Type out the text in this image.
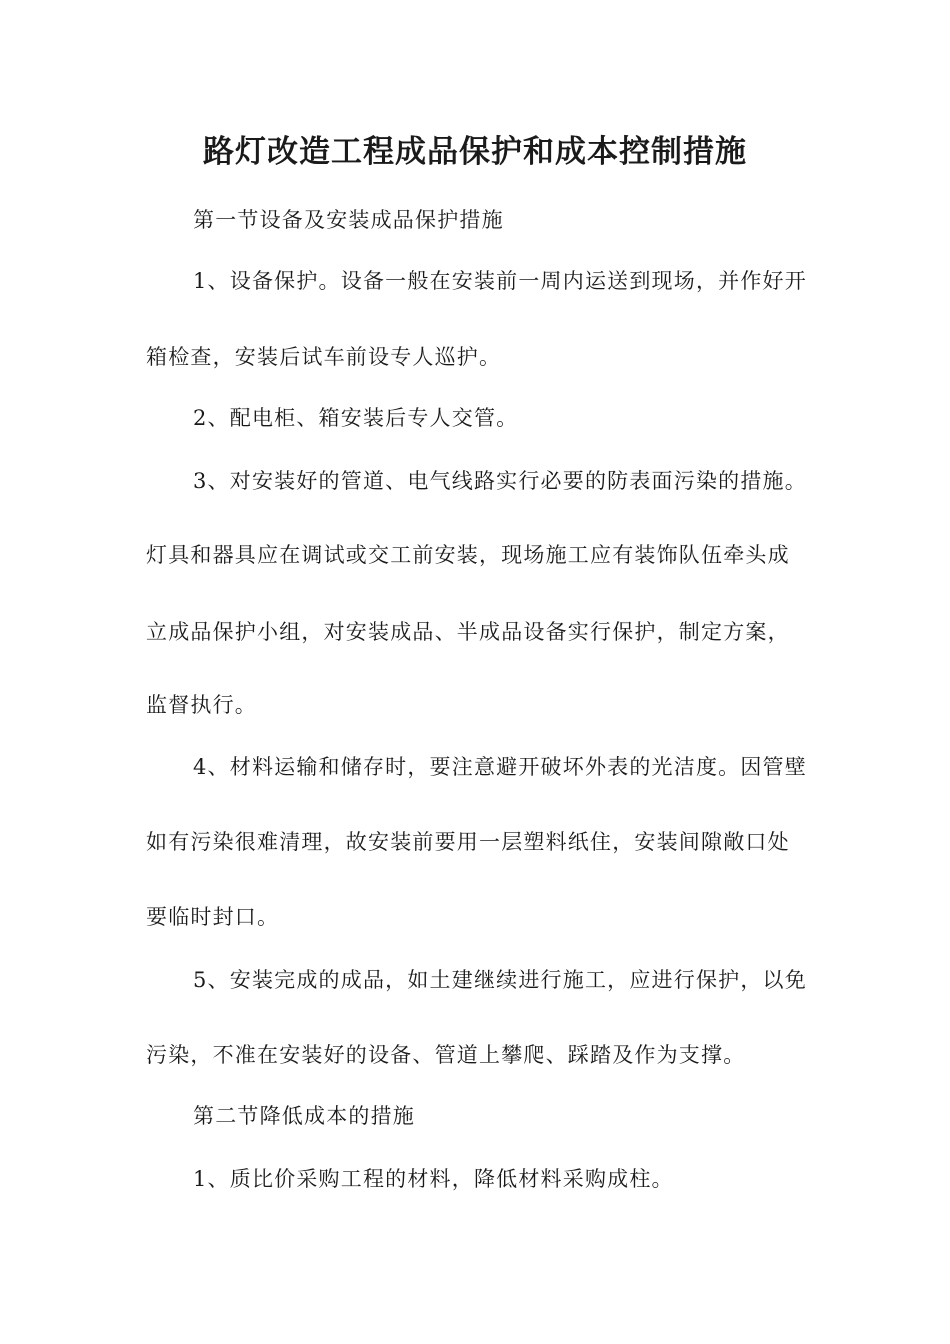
路灯改造工程成品保护和成本控制措施
第一节设备及安装成品保护措施
1、设备保护。设备一般在安装前一周内运送到现场，并作好开
箱检查，安装后试车前设专人巡护。
2、配电柜、箱安装后专人交管。
3、对安装好的管道、电气线路实行必要的防表面污染的措施。
灯具和器具应在调试或交工前安装，现场施工应有装饰队伍牵头成
立成品保护小组，对安装成品、半成品设备实行保护，制定方案，
监督执行。
4、材料运输和储存时，要注意避开破坏外表的光洁度。因管壁
如有污染很难清理，故安装前要用一层塑料纸住，安装间隙敞口处
要临时封口。
5、安装完成的成品，如土建继续进行施工，应进行保护，以免
污染，不准在安装好的设备、管道上攀爬、踩踏及作为支撑。
第二节降低成本的措施
1、质比价采购工程的材料，降低材料采购成柱。
